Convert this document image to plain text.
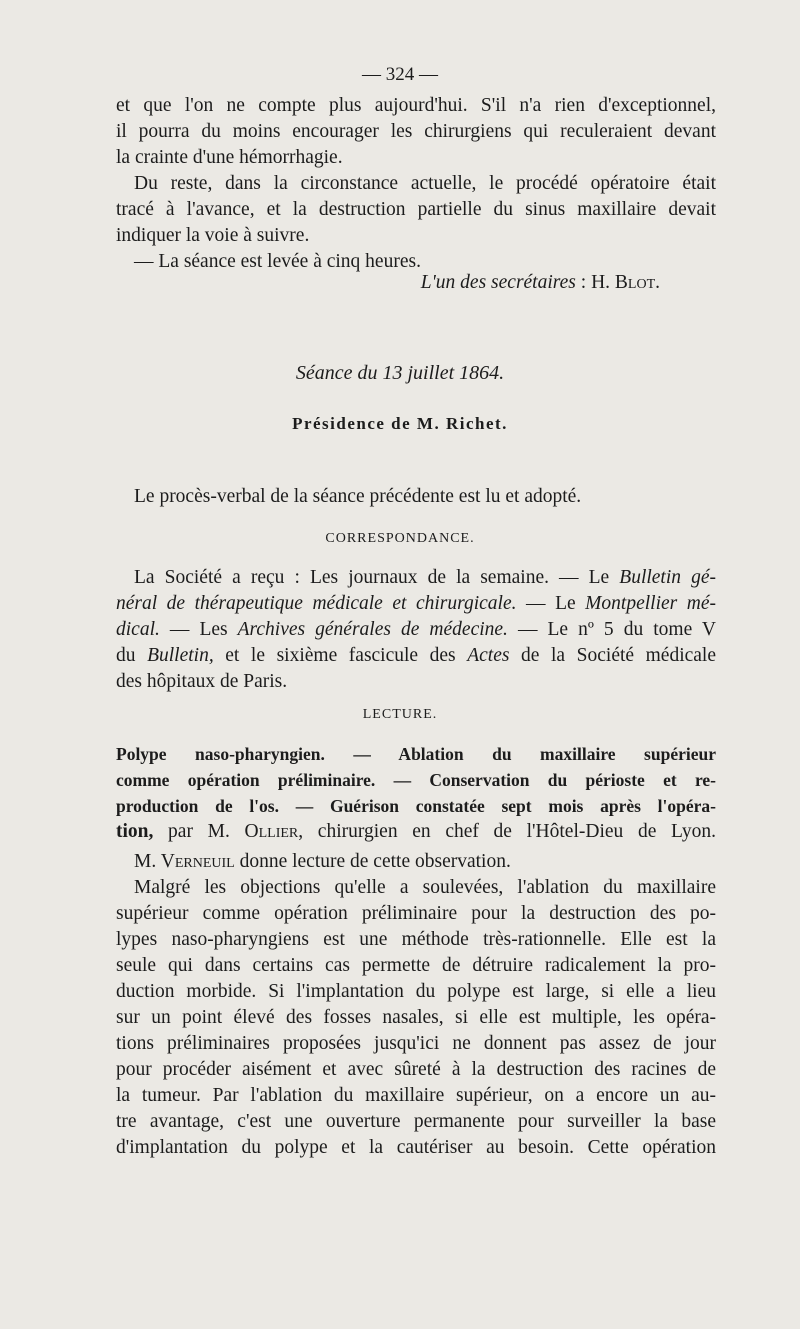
— 324 —
et que l'on ne compte plus aujourd'hui. S'il n'a rien d'exceptionnel,
il pourra du moins encourager les chirurgiens qui reculeraient devant
la crainte d'une hémorrhagie.
Du reste, dans la circonstance actuelle, le procédé opératoire était
tracé à l'avance, et la destruction partielle du sinus maxillaire devait
indiquer la voie à suivre.
— La séance est levée à cinq heures.
L'un des secrétaires : H. Blot.
Séance du 13 juillet 1864.
Présidence de M. Richet.
Le procès-verbal de la séance précédente est lu et adopté.
CORRESPONDANCE.
La Société a reçu : Les journaux de la semaine. — Le Bulletin gé-
néral de thérapeutique médicale et chirurgicale. — Le Montpellier mé-
dical. — Les Archives générales de médecine. — Le nº 5 du tome V
du Bulletin, et le sixième fascicule des Actes de la Société médicale
des hôpitaux de Paris.
LECTURE.
Polype naso-pharyngien. — Ablation du maxillaire supérieur
comme opération préliminaire. — Conservation du périoste et re-
production de l'os. — Guérison constatée sept mois après l'opéra-
tion, par M. Ollier, chirurgien en chef de l'Hôtel-Dieu de Lyon.
M. Verneuil donne lecture de cette observation.
Malgré les objections qu'elle a soulevées, l'ablation du maxillaire
supérieur comme opération préliminaire pour la destruction des po-
lypes naso-pharyngiens est une méthode très-rationnelle. Elle est la
seule qui dans certains cas permette de détruire radicalement la pro-
duction morbide. Si l'implantation du polype est large, si elle a lieu
sur un point élevé des fosses nasales, si elle est multiple, les opéra-
tions préliminaires proposées jusqu'ici ne donnent pas assez de jour
pour procéder aisément et avec sûreté à la destruction des racines de
la tumeur. Par l'ablation du maxillaire supérieur, on a encore un au-
tre avantage, c'est une ouverture permanente pour surveiller la base
d'implantation du polype et la cautériser au besoin. Cette opération
